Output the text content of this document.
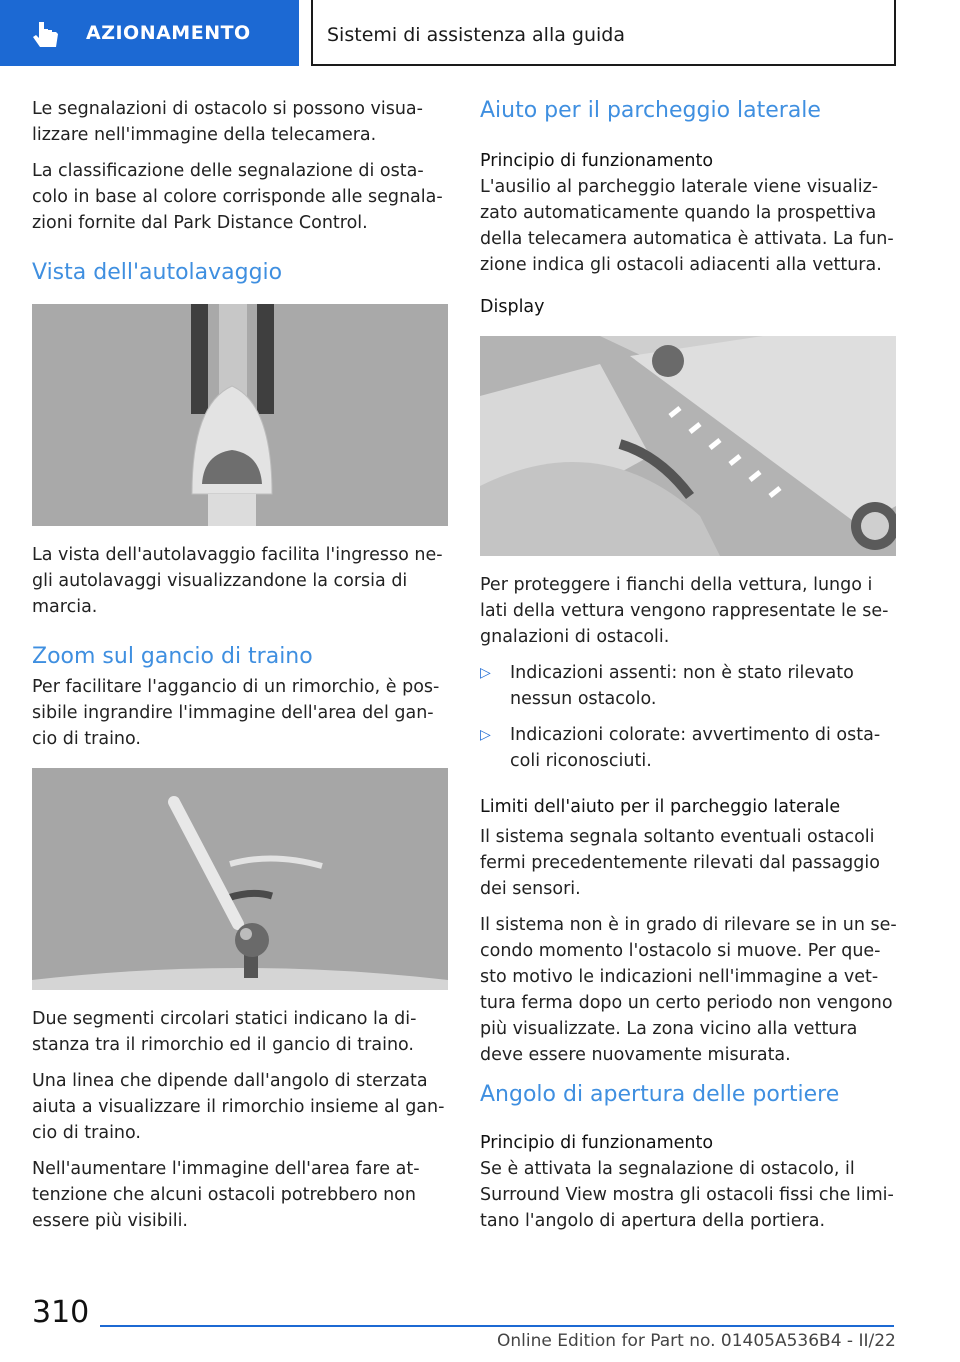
AZIONAMENTO	Sistemi di assistenza alla guida

Le segnalazioni di ostacolo si possono visua-lizzare nell'immagine della telecamera.

La classificazione delle segnalazione di osta-colo in base al colore corrisponde alle segnala-zioni fornite dal Park Distance Control.

Vista dell'autolavaggio

La vista dell'autolavaggio facilita l'ingresso ne-gli autolavaggi visualizzandone la corsia di marcia.

Zoom sul gancio di traino

Per facilitare l'aggancio di un rimorchio, è pos-sibile ingrandire l'immagine dell'area del gan-cio di traino.

Due segmenti circolari statici indicano la di-stanza tra il rimorchio ed il gancio di traino.

Una linea che dipende dall'angolo di sterzata aiuta a visualizzare il rimorchio insieme al gan-cio di traino.

Nell'aumentare l'immagine dell'area fare at-tenzione che alcuni ostacoli potrebbero non essere più visibili.

Aiuto per il parcheggio laterale
Principio di funzionamento

L'ausilio al parcheggio laterale viene visualiz-zato automaticamente quando la prospettiva della telecamera automatica è attivata. La fun-zione indica gli ostacoli adiacenti alla vettura.

Display

Per proteggere i fianchi della vettura, lungo i lati della vettura vengono rappresentate le se-gnalazioni di ostacoli.

▷ Indicazioni assenti: non è stato rilevato nessun ostacolo.
▷ Indicazioni colorate: avvertimento di osta-coli riconosciuti.
Limiti dell'aiuto per il parcheggio laterale

Il sistema segnala soltanto eventuali ostacoli fermi precedentemente rilevati dal passaggio dei sensori.

Il sistema non è in grado di rilevare se in un se-condo momento l'ostacolo si muove. Per que-sto motivo le indicazioni nell'immagine a vet-tura ferma dopo un certo periodo non vengono più visualizzate. La zona vicino alla vettura deve essere nuovamente misurata.

Angolo di apertura delle portiere
Principio di funzionamento

Se è attivata la segnalazione di ostacolo, il Surround View mostra gli ostacoli fissi che limi-tano l'angolo di apertura della portiera.

310
Online Edition for Part no. 01405A536B4 - II/22
